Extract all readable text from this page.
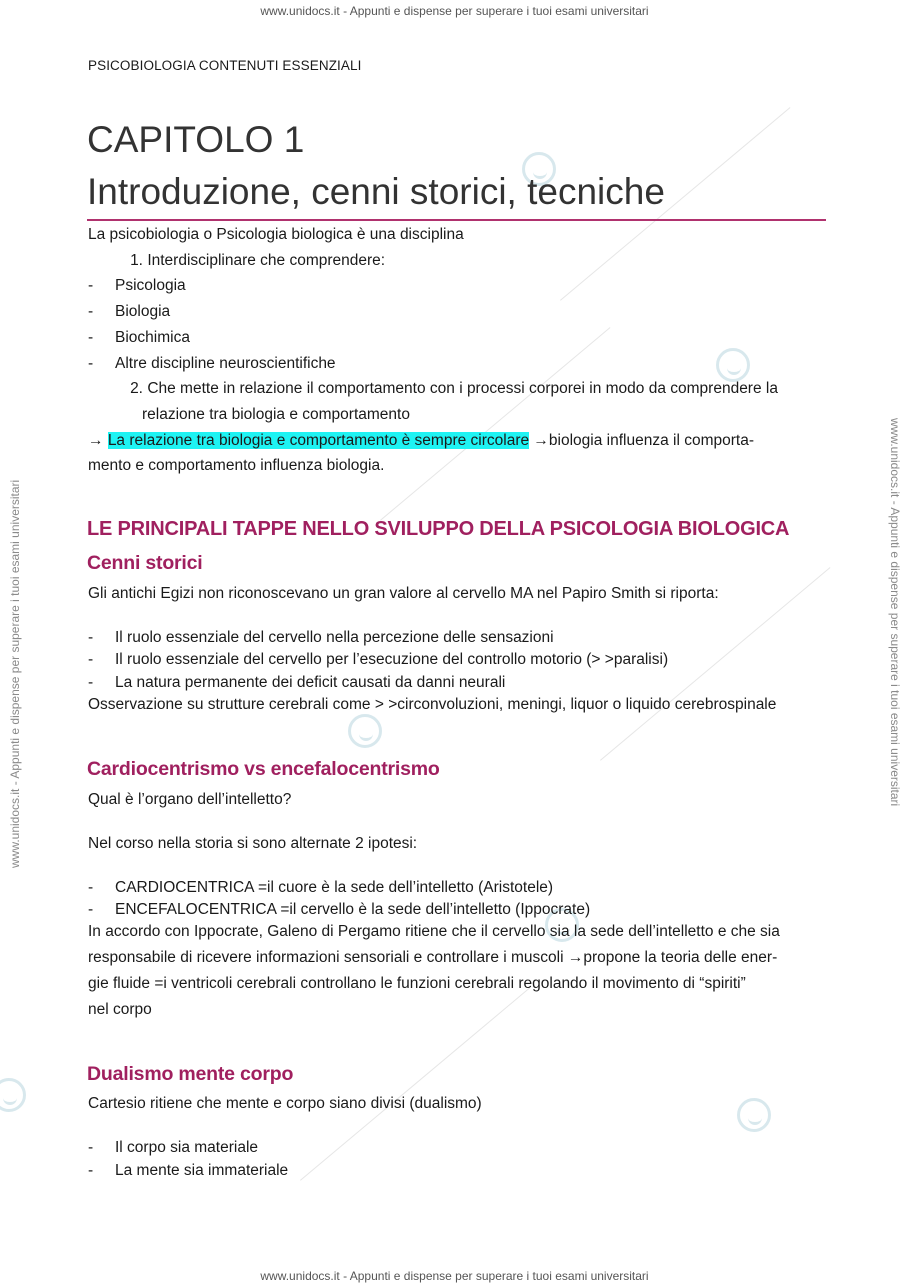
www.unidocs.it - Appunti e dispense per superare i tuoi esami universitari
www.unidocs.it - Appunti e dispense per superare i tuoi esami universitari
www.unidocs.it - Appunti e dispense per superare i tuoi esami universitari	www.unidocs.it - Appunti e dispense per superare i tuoi esami universitari
PSICOBIOLOGIA CONTENUTI ESSENZIALI
CAPITOLO 1
Introduzione, cenni storici, tecniche
La psicobiologia o Psicologia biologica è una disciplina
1. Interdisciplinare che comprendere:
- Psicologia
- Biologia
- Biochimica
- Altre discipline neuroscientifiche
2. Che mette in relazione il comportamento con i processi corporei in modo da comprendere la
relazione tra biologia e comportamento
→ La relazione tra biologia e comportamento è sempre circolare →biologia influenza il comporta-
mento e comportamento influenza biologia.
LE PRINCIPALI TAPPE NELLO SVILUPPO DELLA PSICOLOGIA BIOLOGICA
Cenni storici
Gli antichi Egizi non riconoscevano un gran valore al cervello MA nel Papiro Smith si riporta:
- Il ruolo essenziale del cervello nella percezione delle sensazioni
- Il ruolo essenziale del cervello per l’esecuzione del controllo motorio (> >paralisi)
- La natura permanente dei deficit causati da danni neurali
Osservazione su strutture cerebrali come > >circonvoluzioni, meningi, liquor o liquido cerebrospinale
Cardiocentrismo vs encefalocentrismo
Qual è l’organo dell’intelletto?
Nel corso nella storia si sono alternate 2 ipotesi:
- CARDIOCENTRICA =il cuore è la sede dell’intelletto (Aristotele)
- ENCEFALOCENTRICA =il cervello è la sede dell’intelletto (Ippocrate)
In accordo con Ippocrate, Galeno di Pergamo ritiene che il cervello sia la sede dell’intelletto e che sia
responsabile di ricevere informazioni sensoriali e controllare i muscoli →propone la teoria delle ener-
gie fluide =i ventricoli cerebrali controllano le funzioni cerebrali regolando il movimento di “spiriti”
nel corpo
Dualismo mente corpo
Cartesio ritiene che mente e corpo siano divisi (dualismo)
- Il corpo sia materiale
- La mente sia immateriale
